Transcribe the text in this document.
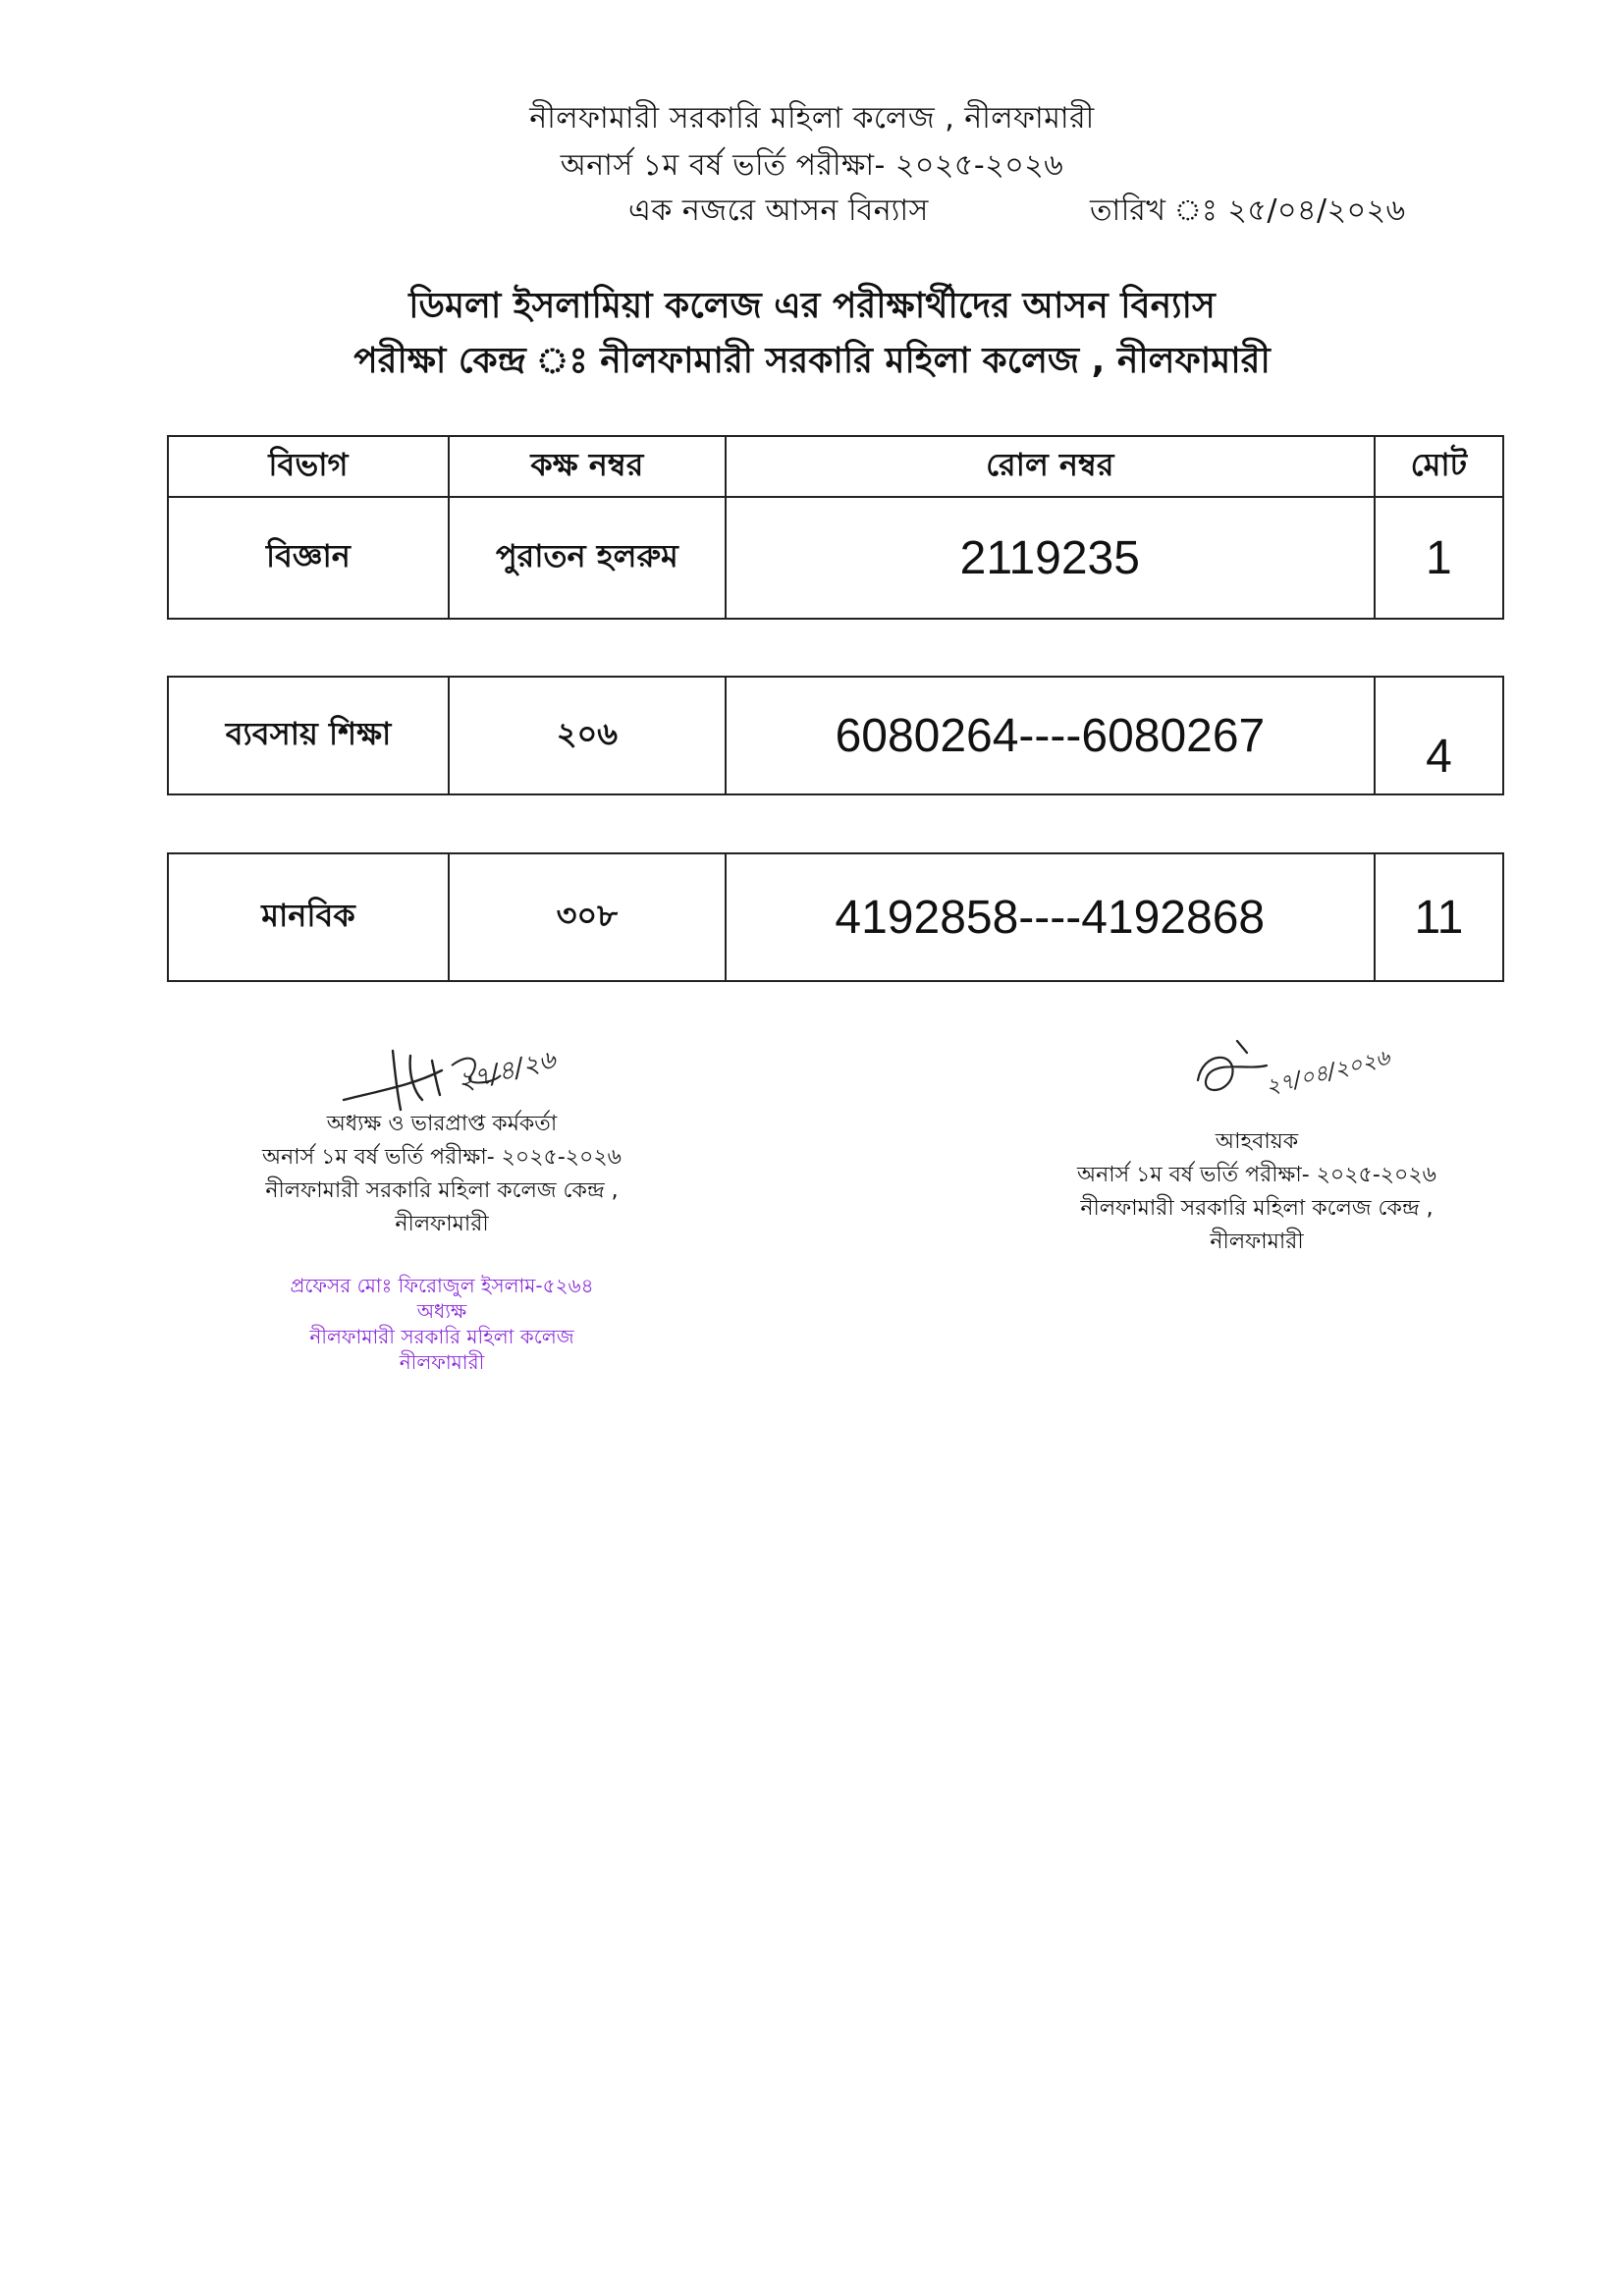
নীলফামারী সরকারি মহিলা কলেজ , নীলফামারী
অনার্স ১ম বর্ষ ভর্তি পরীক্ষা- ২০২৫-২০২৬
এক নজরে আসন বিন্যাস	তারিখ ঃ ২৫/০৪/২০২৬
ডিমলা ইসলামিয়া কলেজ এর পরীক্ষার্থীদের আসন বিন্যাস
পরীক্ষা কেন্দ্র ঃ নীলফামারী সরকারি মহিলা কলেজ , নীলফামারী
বিভাগ	কক্ষ নম্বর	রোল নম্বর	মোট
বিজ্ঞান	পুরাতন হলরুম	2119235	1
ব্যবসায় শিক্ষা	২০৬	6080264----6080267	4
মানবিক	৩০৮	4192858----4192868	11
২৭/৪/২৬
অধ্যক্ষ ও ভারপ্রাপ্ত কর্মকর্তা
অনার্স ১ম বর্ষ ভর্তি পরীক্ষা- ২০২৫-২০২৬
নীলফামারী সরকারি মহিলা কলেজ কেন্দ্র ,
নীলফামারী
প্রফেসর মোঃ ফিরোজুল ইসলাম-৫২৬৪
অধ্যক্ষ
নীলফামারী সরকারি মহিলা কলেজ
নীলফামারী
২৭/০৪/২০২৬
আহবায়ক
অনার্স ১ম বর্ষ ভর্তি পরীক্ষা- ২০২৫-২০২৬
নীলফামারী সরকারি মহিলা কলেজ কেন্দ্র ,
নীলফামারী
